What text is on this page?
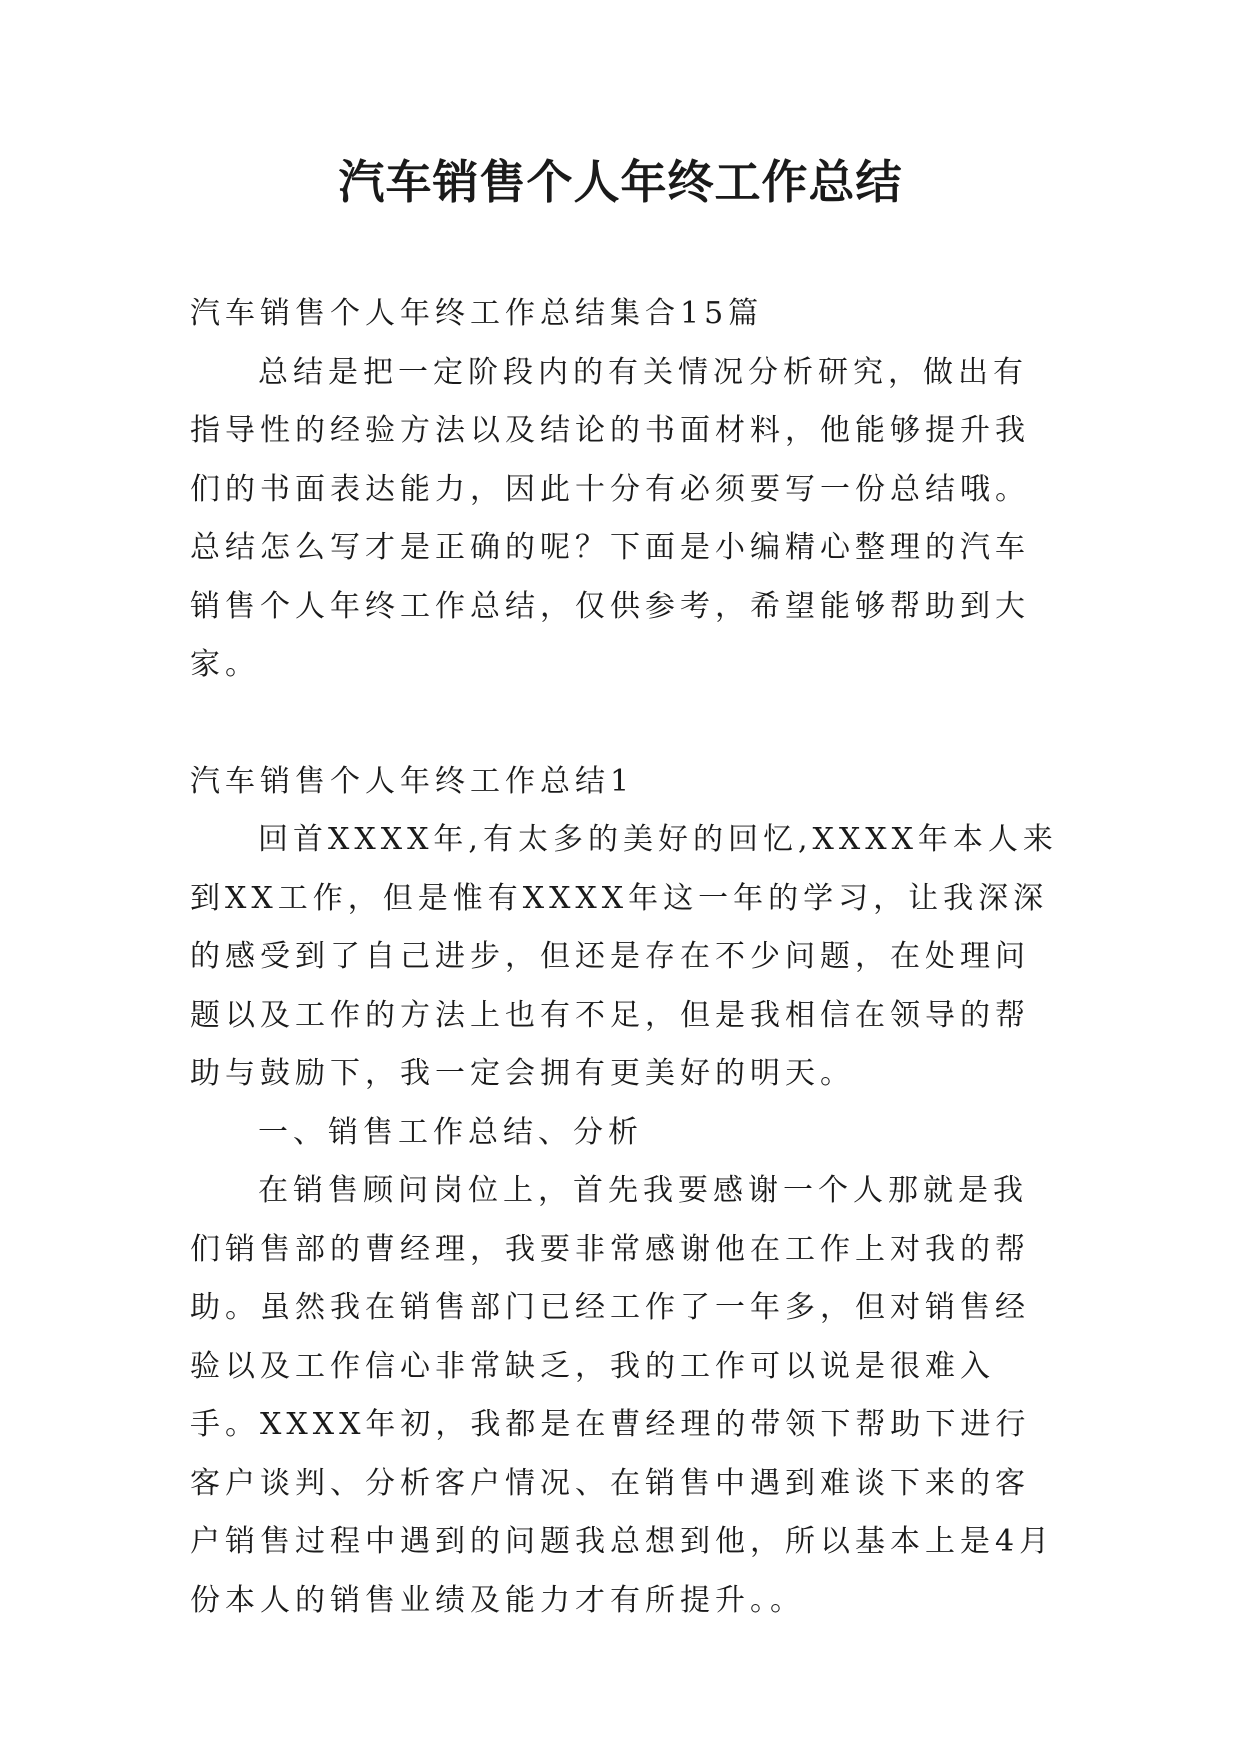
汽车销售个人年终工作总结

汽车销售个人年终工作总结集合15篇

总结是把一定阶段内的有关情况分析研究，做出有指导性的经验方法以及结论的书面材料，他能够提升我们的书面表达能力，因此十分有必须要写一份总结哦。总结怎么写才是正确的呢？下面是小编精心整理的汽车销售个人年终工作总结，仅供参考，希望能够帮助到大家。

汽车销售个人年终工作总结1

回首XXXX年,有太多的美好的回忆,XXXX年本人来到XX工作，但是惟有XXXX年这一年的学习，让我深深的感受到了自己进步，但还是存在不少问题，在处理问题以及工作的方法上也有不足，但是我相信在领导的帮助与鼓励下，我一定会拥有更美好的明天。

一、销售工作总结、分析

在销售顾问岗位上，首先我要感谢一个人那就是我们销售部的曹经理，我要非常感谢他在工作上对我的帮助。虽然我在销售部门已经工作了一年多，但对销售经验以及工作信心非常缺乏，我的工作可以说是很难入手。XXXX年初，我都是在曹经理的带领下帮助下进行客户谈判、分析客户情况、在销售中遇到难谈下来的客户销售过程中遇到的问题我总想到他，所以基本上是4月份本人的销售业绩及能力才有所提升。。
